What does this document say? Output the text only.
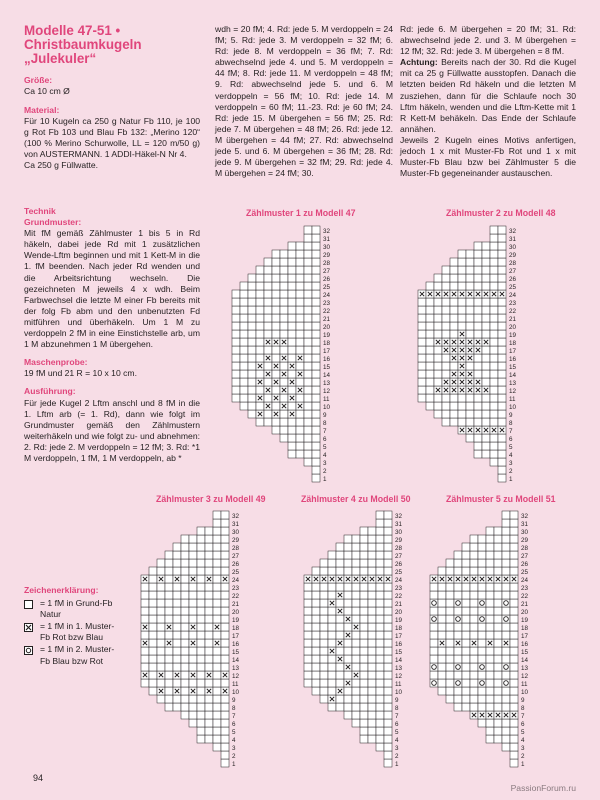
Modelle 47-51 •
Christbaumkugeln
„Julekuler“

Größe:
Ca 10 cm Ø

Material:
Für 10 Kugeln ca 250 g Natur Fb 110, je 100 g Rot Fb 103 und Blau Fb 132: „Merino 120“ (100 % Merino Schurwolle, LL = 120 m/50 g) von AUSTERMANN. 1 ADDI-Häkel-N Nr 4.
Ca 250 g Füllwatte.

Technik
Grundmuster:
Mit fM gemäß Zählmuster 1 bis 5 in Rd häkeln, dabei jede Rd mit 1 zusätzlichen Wende-Lftm beginnen und mit 1 Kett-M in die 1. fM beenden. Nach jeder Rd wenden und die Arbeitsrichtung wechseln. Die gezeichneten M jeweils 4 x wdh. Beim Farbwechsel die letzte M einer Fb bereits mit der folg Fb abm und den unbenutzten Fd mitführen und überhäkeln. Um 1 M zu verdoppeln 2 fM in eine Einstichstelle arb, um 1 M abzunehmen 1 M übergehen.

Maschenprobe:
19 fM und 21 R = 10 x 10 cm.

Ausführung:
Für jede Kugel 2 Lftm anschl und 8 fM in die 1. Lftm arb (= 1. Rd), dann wie folgt im Grundmuster gemäß den Zählmustern weiterhäkeln und wie folgt zu- und abnehmen: 2. Rd: jede 2. M verdoppeln = 12 fM; 3. Rd: *1 M verdoppeln, 1 fM, 1 M verdoppeln, ab *

wdh = 20 fM; 4. Rd: jede 5. M verdoppeln = 24 fM; 5. Rd: jede 3. M verdoppeln = 32 fM; 6. Rd: jede 8. M verdoppeln = 36 fM; 7. Rd: abwechselnd jede 4. und 5. M verdoppeln = 44 fM; 8. Rd: jede 11. M verdoppeln = 48 fM; 9. Rd: abwechselnd jede 5. und 6. M verdoppeln = 56 fM; 10. Rd: jede 14. M verdoppeln = 60 fM; 11.-23. Rd: je 60 fM; 24. Rd: jede 15. M übergehen = 56 fM; 25. Rd: jede 7. M übergehen = 48 fM; 26. Rd: jede 12. M übergehen = 44 fM; 27. Rd: abwechselnd jede 5. und 6. M übergehen = 36 fM; 28. Rd: jede 9. M übergehen = 32 fM; 29. Rd: jede 4. M übergehen = 24 fM; 30.

Rd: jede 6. M übergehen = 20 fM; 31. Rd: abwechselnd jede 2. und 3. M übergehen = 12 fM; 32. Rd: jede 3. M übergehen = 8 fM.
Achtung: Bereits nach der 30. Rd die Kugel mit ca 25 g Füllwatte ausstopfen. Danach die letzten beiden Rd häkeln und die letzten M zusziehen, dann für die Schlaufe noch 30 Lftm häkeln, wenden und die Lftm-Kette mit 1 R Kett-M behäkeln. Das Ende der Schlaufe annähen.
Jeweils 2 Kugeln eines Motivs anfertigen, jedoch 1 x mit Muster-Fb Rot und 1 x mit Muster-Fb Blau bzw bei Zählmuster 5 die Muster-Fb gegeneinander austauschen.

Zählmuster 1 zu Modell 47	Zählmuster 2 zu Modell 48
Zählmuster 3 zu Modell 49	Zählmuster 4 zu Modell 50	Zählmuster 5 zu Modell 51
1
2
3
4
5
6
7
8
9
10
11
12
13
14
15
16
17
18
19
20
21
22
23
24
25
26
27
28
29
30
31
32
1
2
3
4
5
6
7
8
9
10
11
12
13
14
15
16
17
18
19
20
21
22
23
24
25
26
27
28
29
30
31
32
1
2
3
4
5
6
7
8
9
10
11
12
13
14
15
16
17
18
19
20
21
22
23
24
25
26
27
28
29
30
31
32
1
2
3
4
5
6
7
8
9
10
11
12
13
14
15
16
17
18
19
20
21
22
23
24
25
26
27
28
29
30
31
32
1
2
3
4
5
6
7
8
9
10
11
12
13
14
15
16
17
18
19
20
21
22
23
24
25
26
27
28
29
30
31
32
Zeichenerklärung:
= 1 fM in Grund-Fb Natur
= 1 fM in 1. Muster-Fb Rot bzw Blau
= 1 fM in 2. Muster-Fb Blau bzw Rot
94
PassionForum.ru
